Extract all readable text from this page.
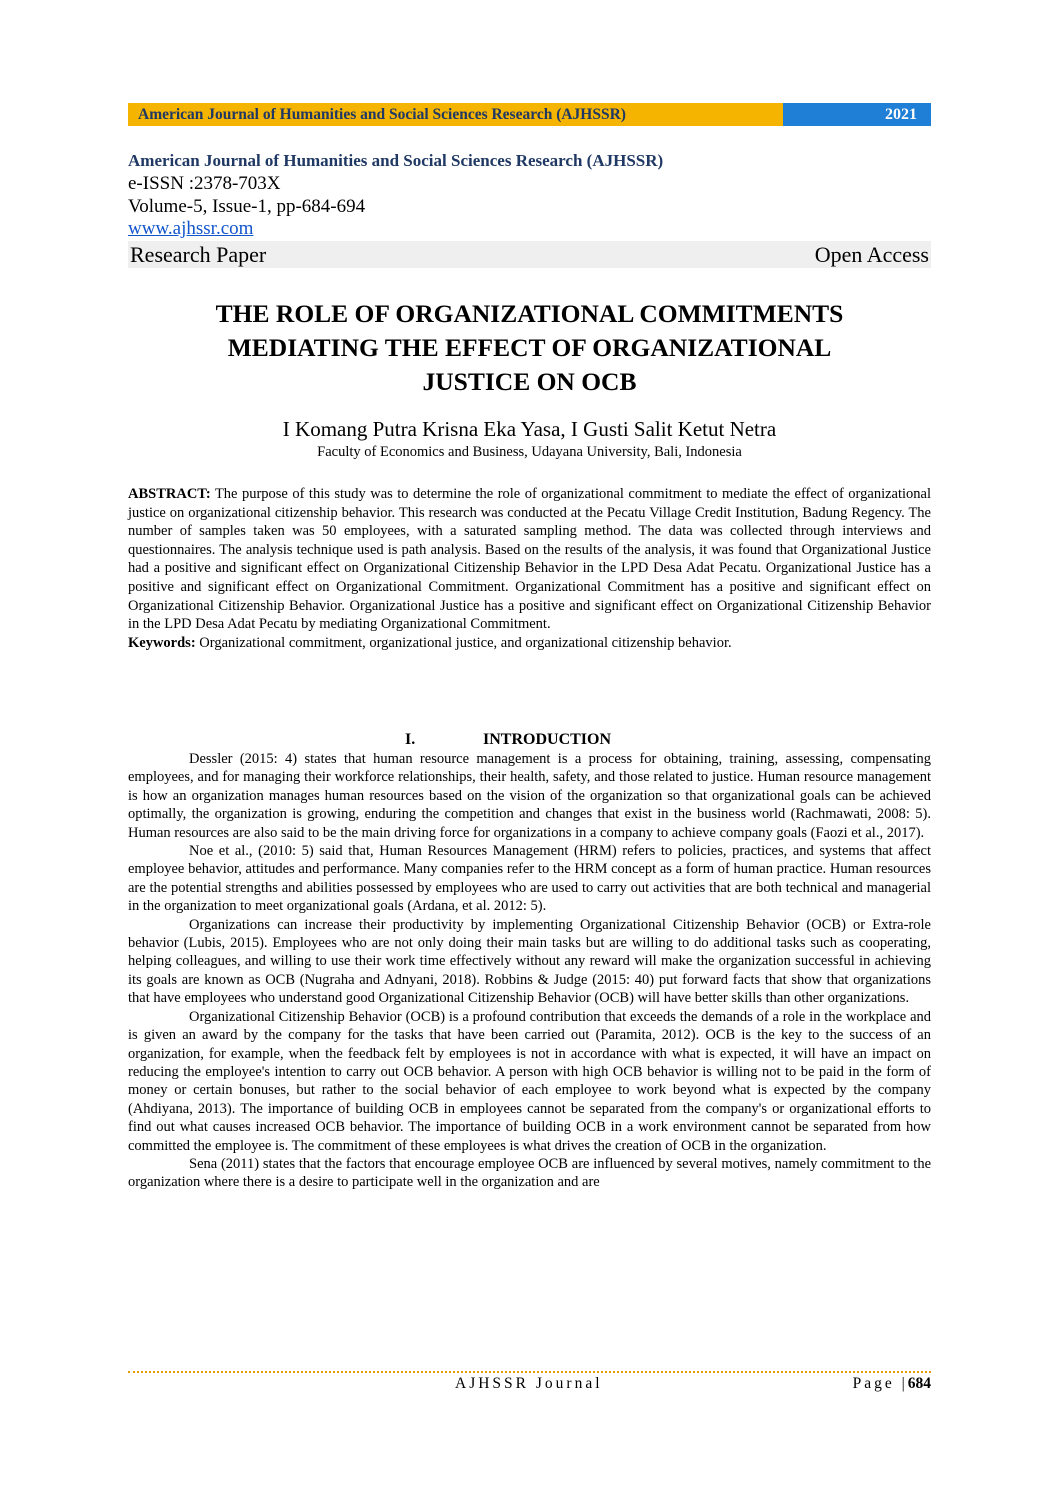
American Journal of Humanities and Social Sciences Research (AJHSSR)	2021
American Journal of Humanities and Social Sciences Research (AJHSSR)
e-ISSN :2378-703X
Volume-5, Issue-1, pp-684-694
www.ajhssr.com
Research Paper	Open Access
THE ROLE OF ORGANIZATIONAL COMMITMENTS
MEDIATING THE EFFECT OF ORGANIZATIONAL
JUSTICE ON OCB
I Komang Putra Krisna Eka Yasa, I Gusti Salit Ketut Netra
Faculty of Economics and Business, Udayana University, Bali, Indonesia

ABSTRACT: The purpose of this study was to determine the role of organizational commitment to mediate the effect of organizational justice on organizational citizenship behavior. This research was conducted at the Pecatu Village Credit Institution, Badung Regency. The number of samples taken was 50 employees, with a saturated sampling method. The data was collected through interviews and questionnaires. The analysis technique used is path analysis. Based on the results of the analysis, it was found that Organizational Justice had a positive and significant effect on Organizational Citizenship Behavior in the LPD Desa Adat Pecatu. Organizational Justice has a positive and significant effect on Organizational Commitment. Organizational Commitment has a positive and significant effect on Organizational Citizenship Behavior. Organizational Justice has a positive and significant effect on Organizational Citizenship Behavior in the LPD Desa Adat Pecatu by mediating Organizational Commitment.

Keywords: Organizational commitment, organizational justice, and organizational citizenship behavior.

I.	INTRODUCTION

Dessler (2015: 4) states that human resource management is a process for obtaining, training, assessing, compensating employees, and for managing their workforce relationships, their health, safety, and those related to justice. Human resource management is how an organization manages human resources based on the vision of the organization so that organizational goals can be achieved optimally, the organization is growing, enduring the competition and changes that exist in the business world (Rachmawati, 2008: 5). Human resources are also said to be the main driving force for organizations in a company to achieve company goals (Faozi et al., 2017).

Noe et al., (2010: 5) said that, Human Resources Management (HRM) refers to policies, practices, and systems that affect employee behavior, attitudes and performance. Many companies refer to the HRM concept as a form of human practice. Human resources are the potential strengths and abilities possessed by employees who are used to carry out activities that are both technical and managerial in the organization to meet organizational goals (Ardana, et al. 2012: 5).

Organizations can increase their productivity by implementing Organizational Citizenship Behavior (OCB) or Extra-role behavior (Lubis, 2015). Employees who are not only doing their main tasks but are willing to do additional tasks such as cooperating, helping colleagues, and willing to use their work time effectively without any reward will make the organization successful in achieving its goals are known as OCB (Nugraha and Adnyani, 2018). Robbins & Judge (2015: 40) put forward facts that show that organizations that have employees who understand good Organizational Citizenship Behavior (OCB) will have better skills than other organizations.

Organizational Citizenship Behavior (OCB) is a profound contribution that exceeds the demands of a role in the workplace and is given an award by the company for the tasks that have been carried out (Paramita, 2012). OCB is the key to the success of an organization, for example, when the feedback felt by employees is not in accordance with what is expected, it will have an impact on reducing the employee's intention to carry out OCB behavior. A person with high OCB behavior is willing not to be paid in the form of money or certain bonuses, but rather to the social behavior of each employee to work beyond what is expected by the company (Ahdiyana, 2013). The importance of building OCB in employees cannot be separated from the company's or organizational efforts to find out what causes increased OCB behavior. The importance of building OCB in a work environment cannot be separated from how committed the employee is. The commitment of these employees is what drives the creation of OCB in the organization.

Sena (2011) states that the factors that encourage employee OCB are influenced by several motives, namely commitment to the organization where there is a desire to participate well in the organization and are

AJHSSR Journal	Page |684
